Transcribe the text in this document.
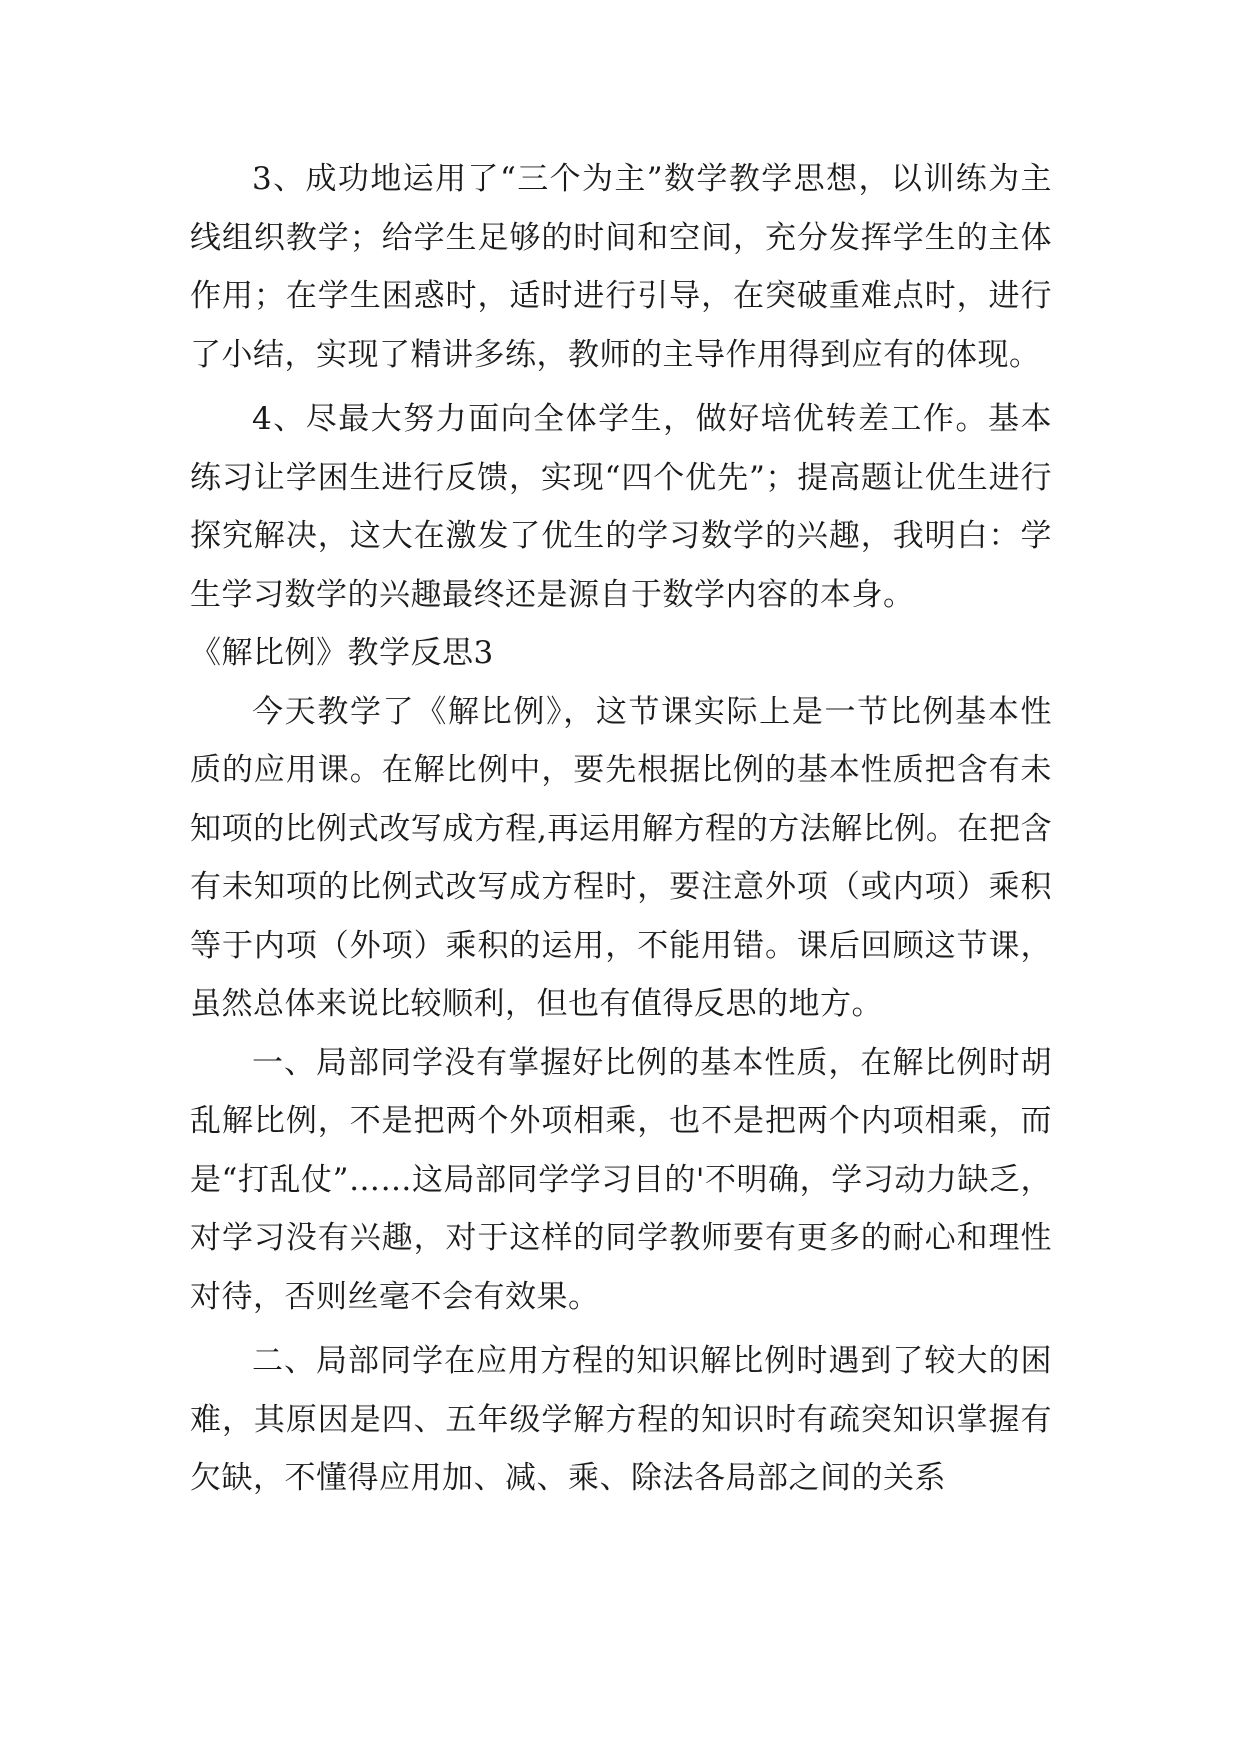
3、成功地运用了“三个为主”数学教学思想，以训练为主线组织教学；给学生足够的时间和空间，充分发挥学生的主体作用；在学生困惑时，适时进行引导，在突破重难点时，进行了小结，实现了精讲多练，教师的主导作用得到应有的体现。

4、尽最大努力面向全体学生，做好培优转差工作。基本练习让学困生进行反馈，实现“四个优先”；提高题让优生进行探究解决，这大在激发了优生的学习数学的兴趣，我明白：学生学习数学的兴趣最终还是源自于数学内容的本身。

《解比例》教学反思3

今天教学了《解比例》，这节课实际上是一节比例基本性质的应用课。在解比例中，要先根据比例的基本性质把含有未知项的比例式改写成方程,再运用解方程的方法解比例。在把含有未知项的比例式改写成方程时，要注意外项（或内项）乘积等于内项（外项）乘积的运用，不能用错。课后回顾这节课，虽然总体来说比较顺利，但也有值得反思的地方。

一、局部同学没有掌握好比例的基本性质，在解比例时胡乱解比例，不是把两个外项相乘，也不是把两个内项相乘，而是“打乱仗”……这局部同学学习目的'不明确，学习动力缺乏，对学习没有兴趣，对于这样的同学教师要有更多的耐心和理性对待，否则丝毫不会有效果。

二、局部同学在应用方程的知识解比例时遇到了较大的困难，其原因是四、五年级学解方程的知识时有疏突知识掌握有欠缺，不懂得应用加、减、乘、除法各局部之间的关系
